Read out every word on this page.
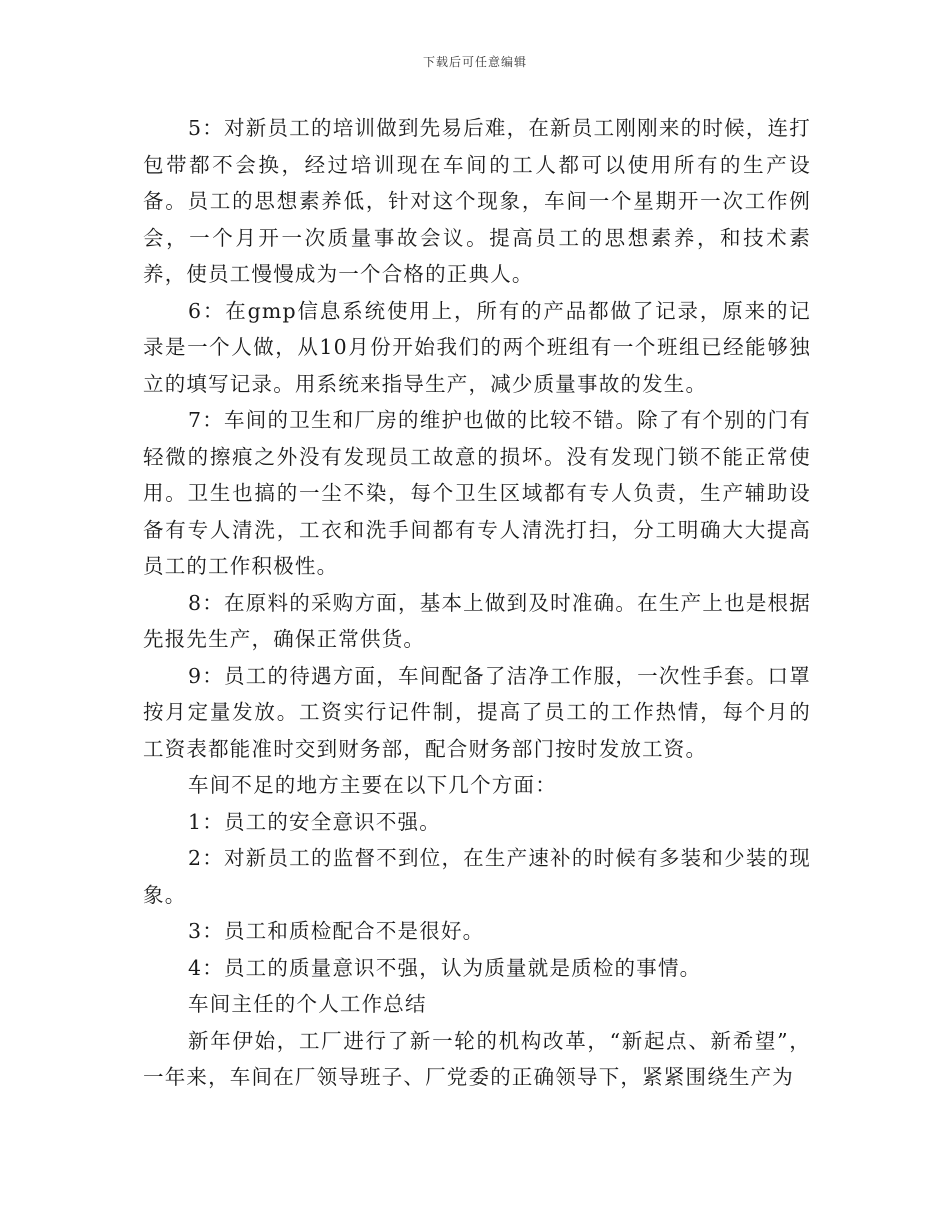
下载后可任意编辑

5：对新员工的培训做到先易后难，在新员工刚刚来的时候，连打包带都不会换，经过培训现在车间的工人都可以使用所有的生产设备。员工的思想素养低，针对这个现象，车间一个星期开一次工作例会，一个月开一次质量事故会议。提高员工的思想素养，和技术素养，使员工慢慢成为一个合格的正典人。

6：在gmp信息系统使用上，所有的产品都做了记录，原来的记录是一个人做，从10月份开始我们的两个班组有一个班组已经能够独立的填写记录。用系统来指导生产，减少质量事故的发生。

7：车间的卫生和厂房的维护也做的比较不错。除了有个别的门有轻微的擦痕之外没有发现员工故意的损坏。没有发现门锁不能正常使用。卫生也搞的一尘不染，每个卫生区域都有专人负责，生产辅助设备有专人清洗，工衣和洗手间都有专人清洗打扫，分工明确大大提高员工的工作积极性。

8：在原料的采购方面，基本上做到及时准确。在生产上也是根据先报先生产，确保正常供货。

9：员工的待遇方面，车间配备了洁净工作服，一次性手套。口罩按月定量发放。工资实行记件制，提高了员工的工作热情，每个月的工资表都能准时交到财务部，配合财务部门按时发放工资。

车间不足的地方主要在以下几个方面：

1：员工的安全意识不强。

2：对新员工的监督不到位，在生产速补的时候有多装和少装的现象。

3：员工和质检配合不是很好。

4：员工的质量意识不强，认为质量就是质检的事情。

车间主任的个人工作总结

新年伊始，工厂进行了新一轮的机构改革，“新起点、新希望”，一年来，车间在厂领导班子、厂党委的正确领导下，紧紧围绕生产为
